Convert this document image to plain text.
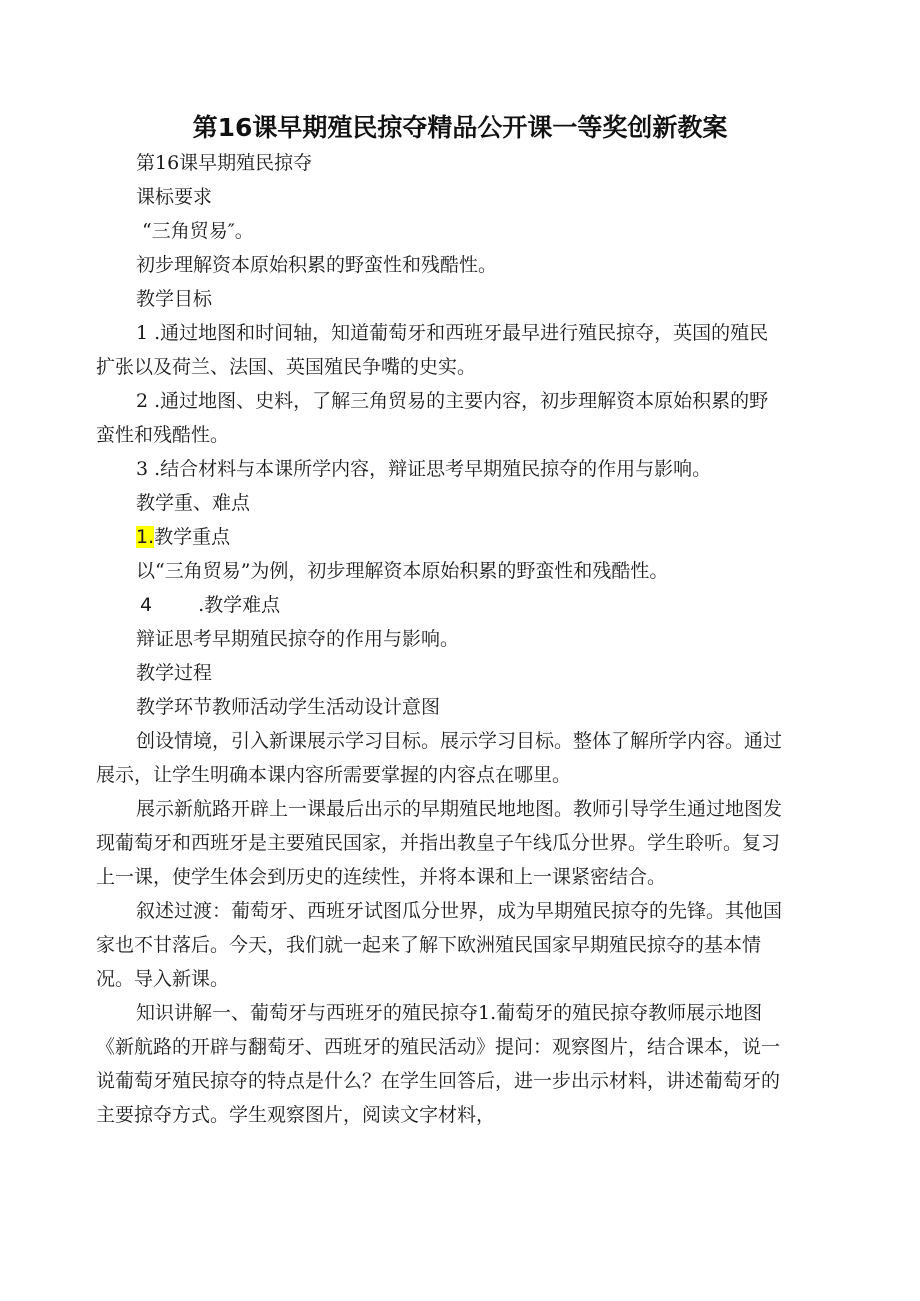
第16课早期殖民掠夺精品公开课一等奖创新教案

第16课早期殖民掠夺

课标要求

“三角贸易″。

初步理解资本原始积累的野蛮性和残酷性。

教学目标

1 .通过地图和时间轴，知道葡萄牙和西班牙最早进行殖民掠夺，英国的殖民扩张以及荷兰、法国、英国殖民争嘴的史实。

2 .通过地图、史料，了解三角贸易的主要内容，初步理解资本原始积累的野蛮性和残酷性。

3 .结合材料与本课所学内容，辩证思考早期殖民掠夺的作用与影响。

教学重、难点

1.教学重点

以“三角贸易”为例，初步理解资本原始积累的野蛮性和残酷性。

4 .教学难点

辩证思考早期殖民掠夺的作用与影响。

教学过程

教学环节教师活动学生活动设计意图

创设情境，引入新课展示学习目标。展示学习目标。整体了解所学内容。通过展示，让学生明确本课内容所需要掌握的内容点在哪里。

展示新航路开辟上一课最后出示的早期殖民地地图。教师引导学生通过地图发现葡萄牙和西班牙是主要殖民国家，并指出教皇子午线瓜分世界。学生聆听。复习上一课，使学生体会到历史的连续性，并将本课和上一课紧密结合。

叙述过渡：葡萄牙、西班牙试图瓜分世界，成为早期殖民掠夺的先锋。其他国家也不甘落后。今天，我们就一起来了解下欧洲殖民国家早期殖民掠夺的基本情况。导入新课。

知识讲解一、葡萄牙与西班牙的殖民掠夺1.葡萄牙的殖民掠夺教师展示地图《新航路的开辟与翻萄牙、西班牙的殖民活动》提问：观察图片，结合课本，说一说葡萄牙殖民掠夺的特点是什么？在学生回答后，进一步出示材料，讲述葡萄牙的主要掠夺方式。学生观察图片，阅读文字材料，
